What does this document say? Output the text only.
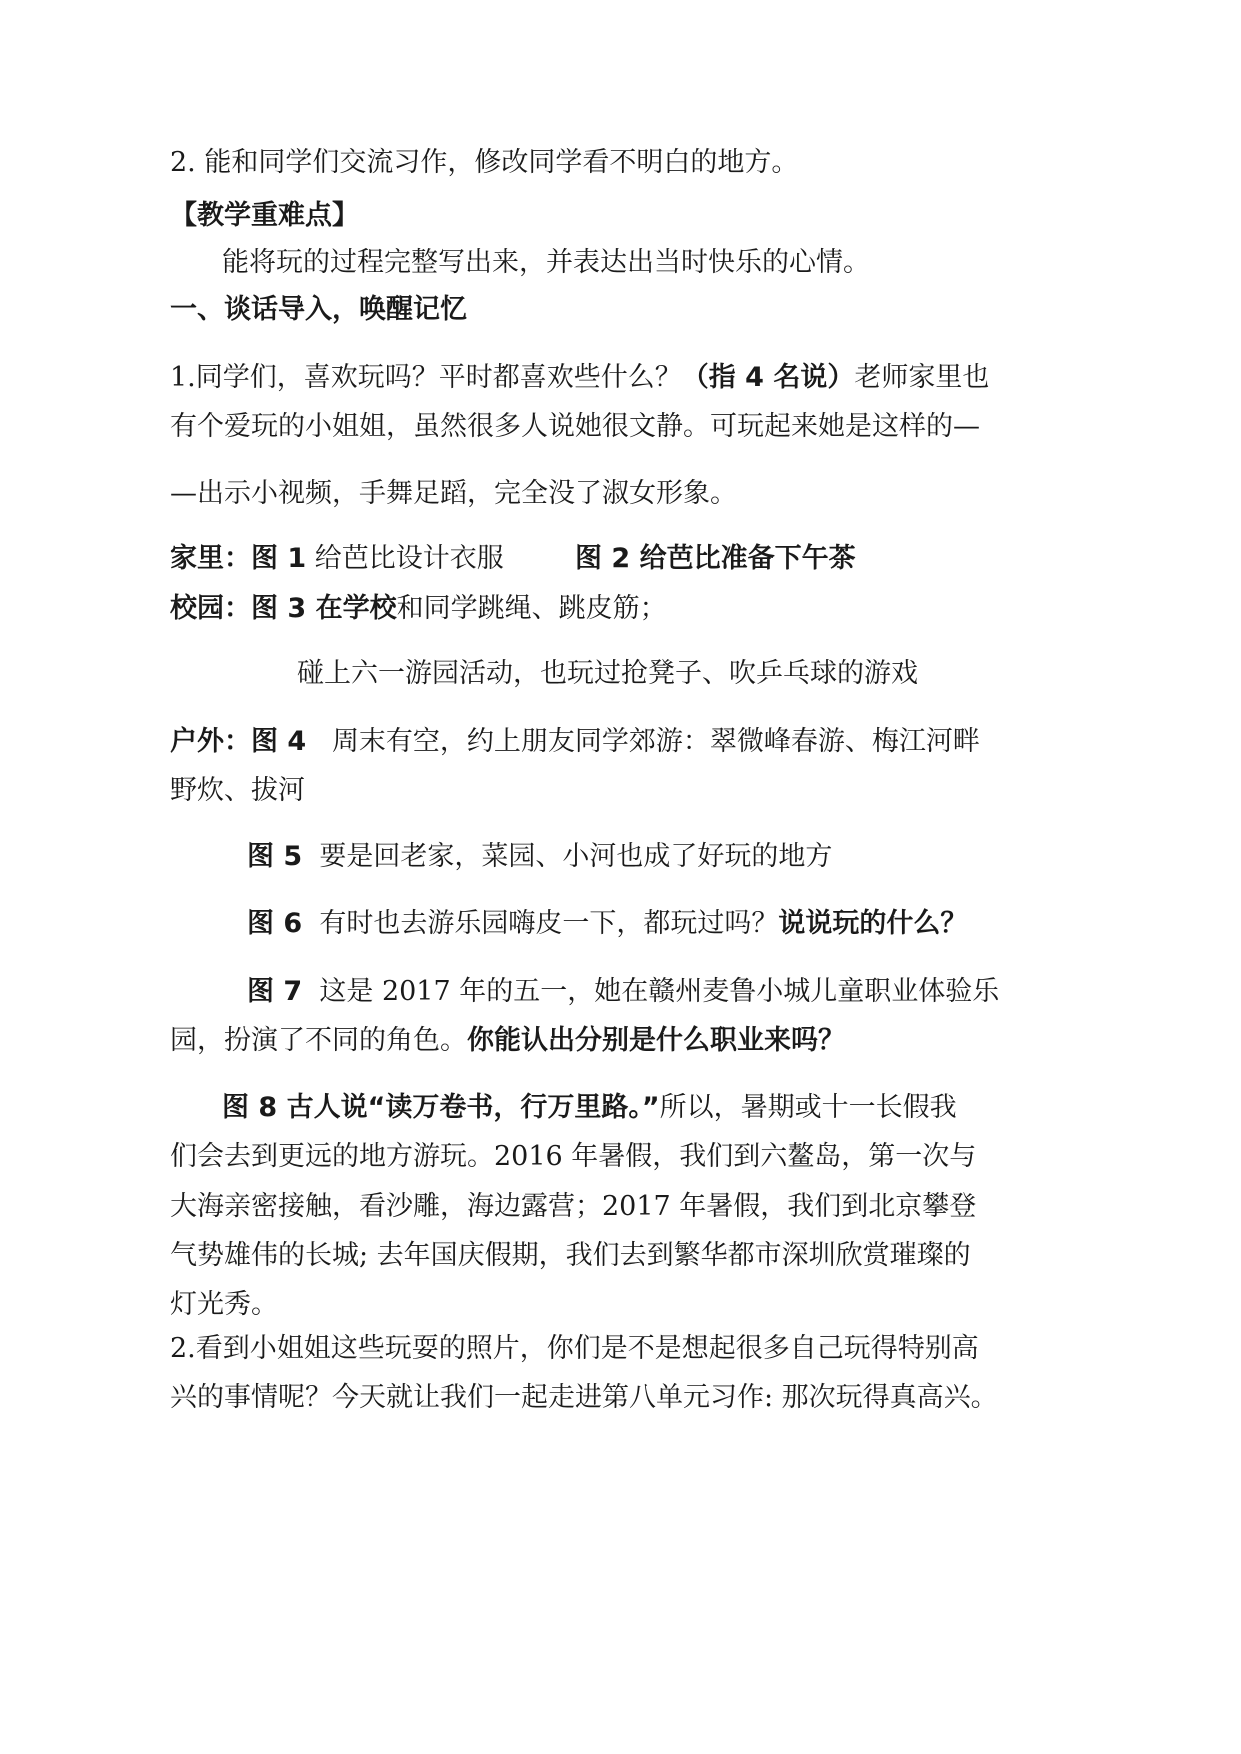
2. 能和同学们交流习作，修改同学看不明白的地方。
【教学重难点】
能将玩的过程完整写出来，并表达出当时快乐的心情。
一、谈话导入，唤醒记忆
1.同学们，喜欢玩吗？平时都喜欢些什么？（指 4 名说）老师家里也
有个爱玩的小姐姐，虽然很多人说她很文静。可玩起来她是这样的—
—出示小视频，手舞足蹈，完全没了淑女形象。
家里：图 1 给芭比设计衣服	图 2 给芭比准备下午茶
校园：图 3 在学校和同学跳绳、跳皮筋；
碰上六一游园活动，也玩过抢凳子、吹乒乓球的游戏
户外：图 4 周末有空，约上朋友同学郊游：翠微峰春游、梅江河畔
野炊、拔河
图 5 要是回老家，菜园、小河也成了好玩的地方
图 6 有时也去游乐园嗨皮一下，都玩过吗？说说玩的什么？
图 7 这是 2017 年的五一，她在赣州麦鲁小城儿童职业体验乐
园，扮演了不同的角色。你能认出分别是什么职业来吗？
图 8 古人说“读万卷书，行万里路。”所以，暑期或十一长假我
们会去到更远的地方游玩。2016 年暑假，我们到六鳌岛，第一次与
大海亲密接触，看沙雕，海边露营；2017 年暑假，我们到北京攀登
气势雄伟的长城; 去年国庆假期，我们去到繁华都市深圳欣赏璀璨的
灯光秀。
2.看到小姐姐这些玩耍的照片，你们是不是想起很多自己玩得特别高
兴的事情呢？今天就让我们一起走进第八单元习作: 那次玩得真高兴。
